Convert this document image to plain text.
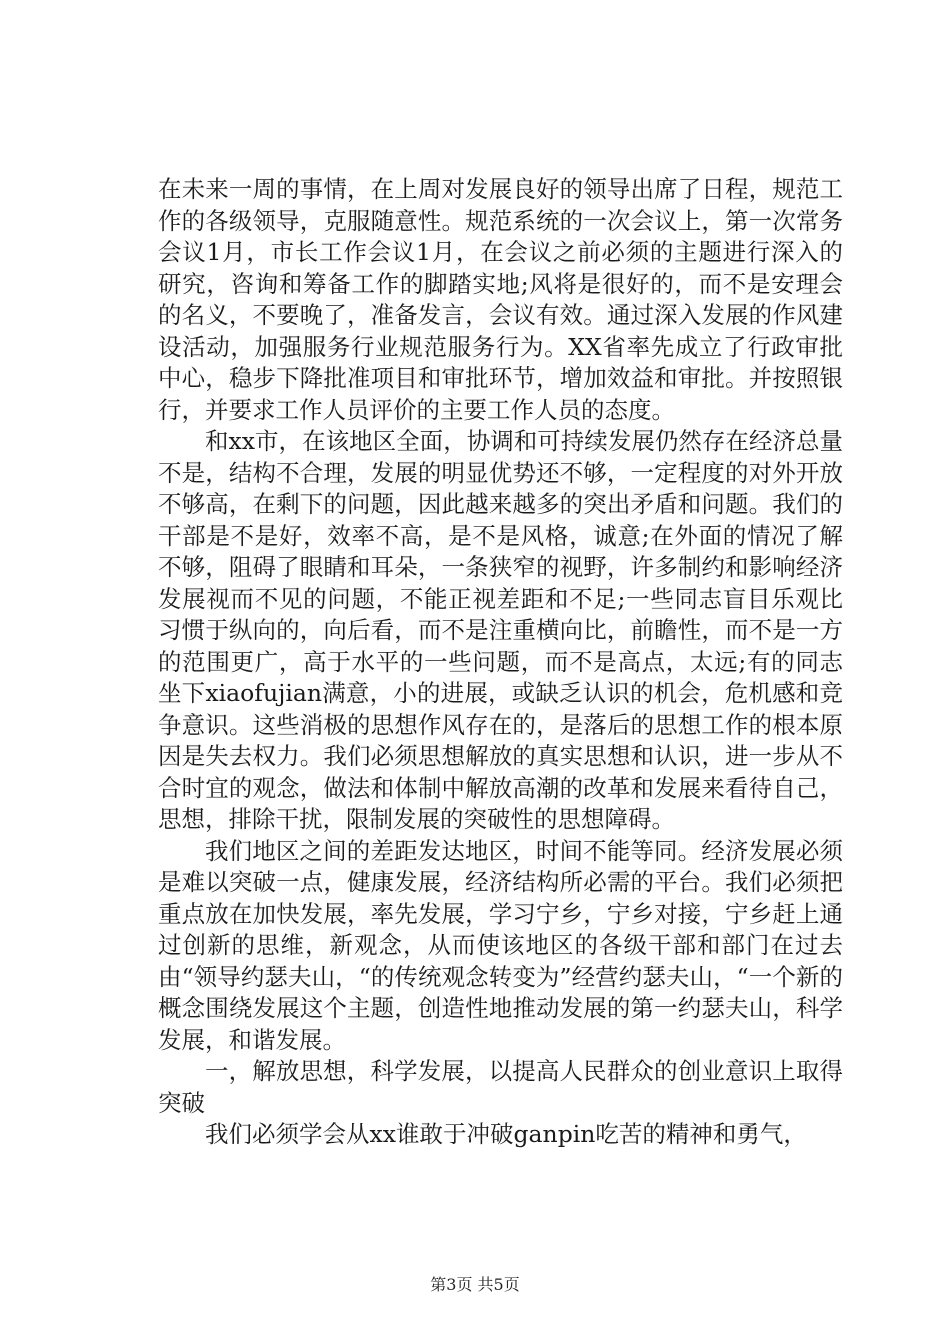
在未来一周的事情，在上周对发展良好的领导出席了日程，规范工作的各级领导，克服随意性。规范系统的一次会议上，第一次常务会议1月，市长工作会议1月，在会议之前必须的主题进行深入的研究，咨询和筹备工作的脚踏实地;风将是很好的，而不是安理会的名义，不要晚了，准备发言，会议有效。通过深入发展的作风建设活动，加强服务行业规范服务行为。XX省率先成立了行政审批中心，稳步下降批准项目和审批环节，增加效益和审批。并按照银行，并要求工作人员评价的主要工作人员的态度。

和xx市，在该地区全面，协调和可持续发展仍然存在经济总量不是，结构不合理，发展的明显优势还不够，一定程度的对外开放不够高，在剩下的问题，因此越来越多的突出矛盾和问题。我们的干部是不是好，效率不高，是不是风格，诚意;在外面的情况了解不够，阻碍了眼睛和耳朵，一条狭窄的视野，许多制约和影响经济发展视而不见的问题，不能正视差距和不足;一些同志盲目乐观比习惯于纵向的，向后看，而不是注重横向比，前瞻性，而不是一方的范围更广，高于水平的一些问题，而不是高点，太远;有的同志坐下xiaofujian满意，小的进展，或缺乏认识的机会，危机感和竞争意识。这些消极的思想作风存在的，是落后的思想工作的根本原因是失去权力。我们必须思想解放的真实思想和认识，进一步从不合时宜的观念，做法和体制中解放高潮的改革和发展来看待自己，思想，排除干扰，限制发展的突破性的思想障碍。

我们地区之间的差距发达地区，时间不能等同。经济发展必须是难以突破一点，健康发展，经济结构所必需的平台。我们必须把重点放在加快发展，率先发展，学习宁乡，宁乡对接，宁乡赶上通过创新的思维，新观念，从而使该地区的各级干部和部门在过去由“领导约瑟夫山，“的传统观念转变为”经营约瑟夫山，“一个新的概念围绕发展这个主题，创造性地推动发展的第一约瑟夫山，科学发展，和谐发展。

一，解放思想，科学发展，以提高人民群众的创业意识上取得突破

我们必须学会从xx谁敢于冲破ganpin吃苦的精神和勇气，

第3页 共5页
